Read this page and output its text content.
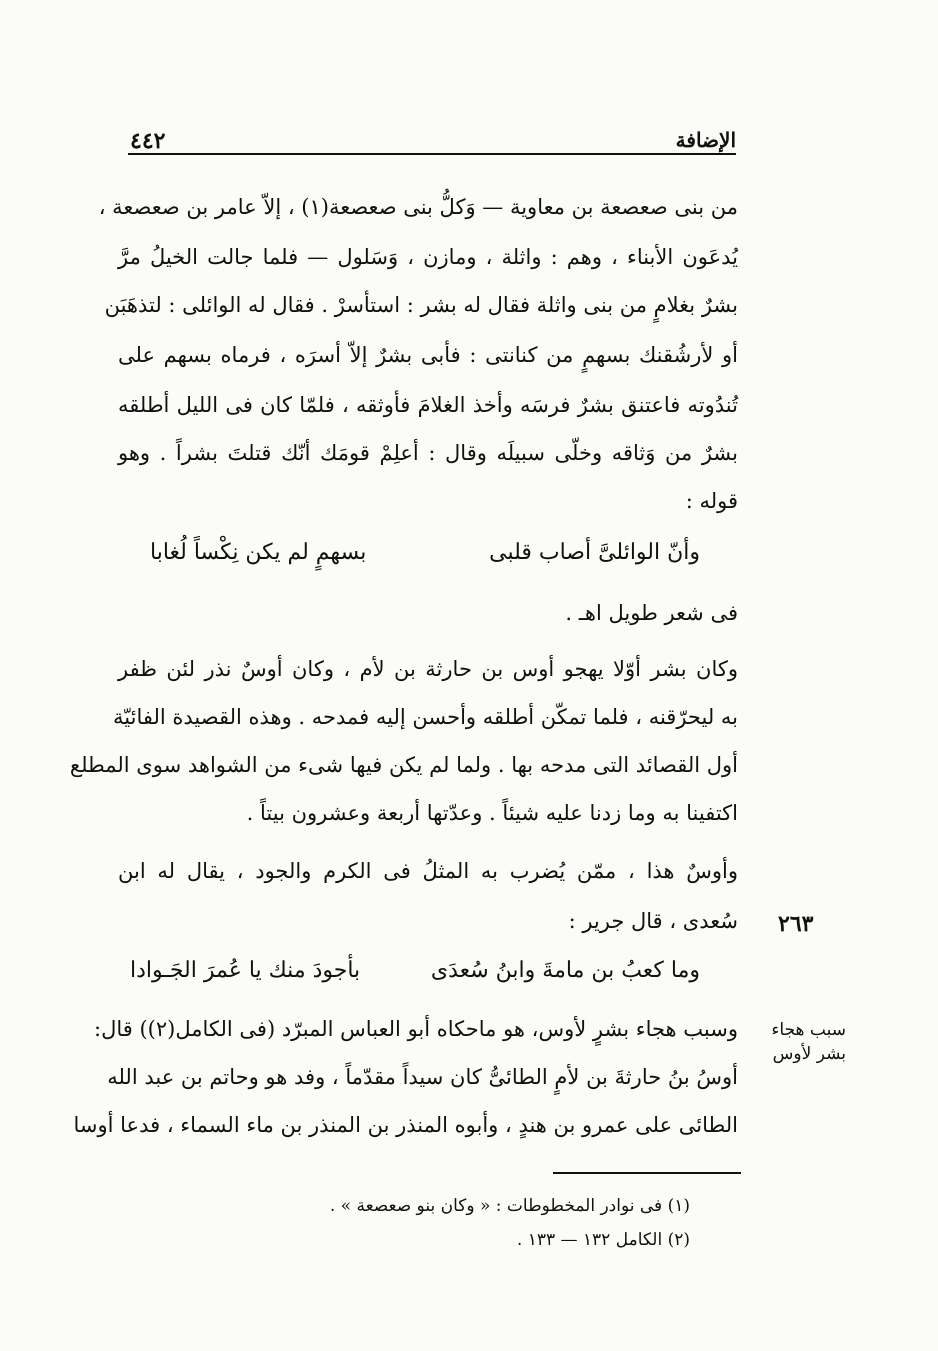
الإضافة
٤٤٢
من بنى صعصعة بن معاوية — وَكلُّ بنى صعصعة(١) ، إلاّ عامر بن صعصعة ،
يُدعَون الأبناء ، وهم : واثلة ، ومازن ، وَسَلول — فلما جالت الخيلُ مرَّ
بشرٌ بغلامٍ من بنى واثلة فقال له بشر : استأسرْ . فقال له الوائلى : لتذهَبَن
أو لأرشُقنك بسهمٍ من كنانتى : فأبى بشرٌ إلاّ أسرَه ، فرماه بسهم على
تُندُوته فاعتنق بشرٌ فرسَه وأخذ الغلامَ فأوثقه ، فلمّا كان فى الليل أطلقه
بشرٌ من وَثاقه وخلّى سبيلَه وقال : أعلِمْ قومَك أنّك قتلتَ بشراً . وهو
قوله :
وأنّ الوائلىَّ أصاب قلبى
بسهمٍ لم يكن نِكْساً لُغابا
فى شعر طويل اهـ .
وكان بشر أوّلا يهجو أوس بن حارثة بن لأم ، وكان أوسٌ نذر لئن ظفر
به ليحرّقنه ، فلما تمكّن أطلقه وأحسن إليه فمدحه . وهذه القصيدة الفائيّة
أول القصائد التى مدحه بها . ولما لم يكن فيها شىء من الشواهد سوى المطلع
اكتفينا به وما زدنا عليه شيئاً . وعدّتها أربعة وعشرون بيتاً .
وأوسٌ هذا ، ممّن يُضرب به المثلُ فى الكرم والجود ، يقال له ابن
سُعدى ، قال جرير : ٢٦٣
وما كعبُ بن مامةَ وابنُ سُعدَى
بأجودَ منك يا عُمرَ الجَـوادا
سبب هجاء بشر لأوس
وسبب هجاء بشرٍ لأوس، هو ماحكاه أبو العباس المبرّد (فى الكامل(٢)) قال:
أوسُ بنُ حارثةَ بن لأمٍ الطائىُّ كان سيداً مقدّماً ، وفد هو وحاتم بن عبد الله
الطائى على عمرو بن هندٍ ، وأبوه المنذر بن المنذر بن ماء السماء ، فدعا أوسا
(١) فى نوادر المخطوطات : « وكان بنو صعصعة » .
(٢) الكامل ١٣٢ — ١٣٣ .
